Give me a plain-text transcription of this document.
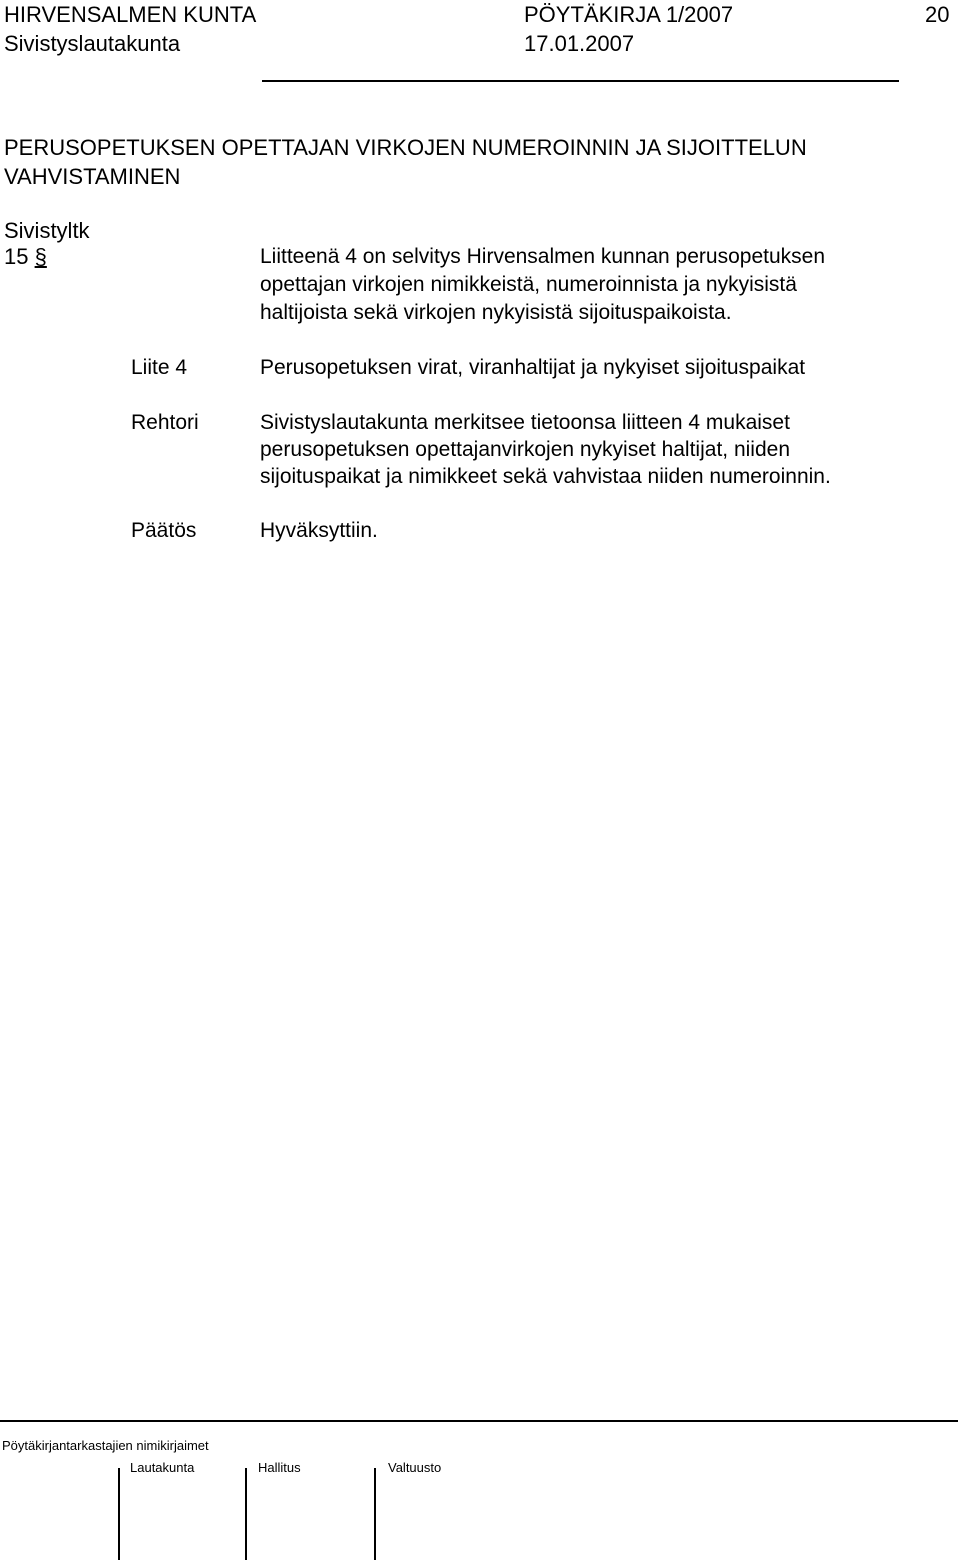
HIRVENSALMEN KUNTA	PÖYTÄKIRJA 1/2007	20
Sivistyslautakunta	17.01.2007
PERUSOPETUKSEN OPETTAJAN VIRKOJEN NUMEROINNIN JA SIJOITTELUN
VAHVISTAMINEN
Sivistyltk
15 §	Liitteenä 4 on selvitys Hirvensalmen kunnan perusopetuksen
opettajan virkojen nimikkeistä, numeroinnista ja nykyisistä
haltijoista sekä virkojen nykyisistä sijoituspaikoista.
Liite 4	Perusopetuksen virat, viranhaltijat ja nykyiset sijoituspaikat
Rehtori	Sivistyslautakunta merkitsee tietoonsa liitteen 4 mukaiset
perusopetuksen opettajanvirkojen nykyiset haltijat, niiden
sijoituspaikat ja nimikkeet sekä vahvistaa niiden numeroinnin.
Päätös	Hyväksyttiin.
Pöytäkirjantarkastajien nimikirjaimet
Lautakunta	Hallitus	Valtuusto
